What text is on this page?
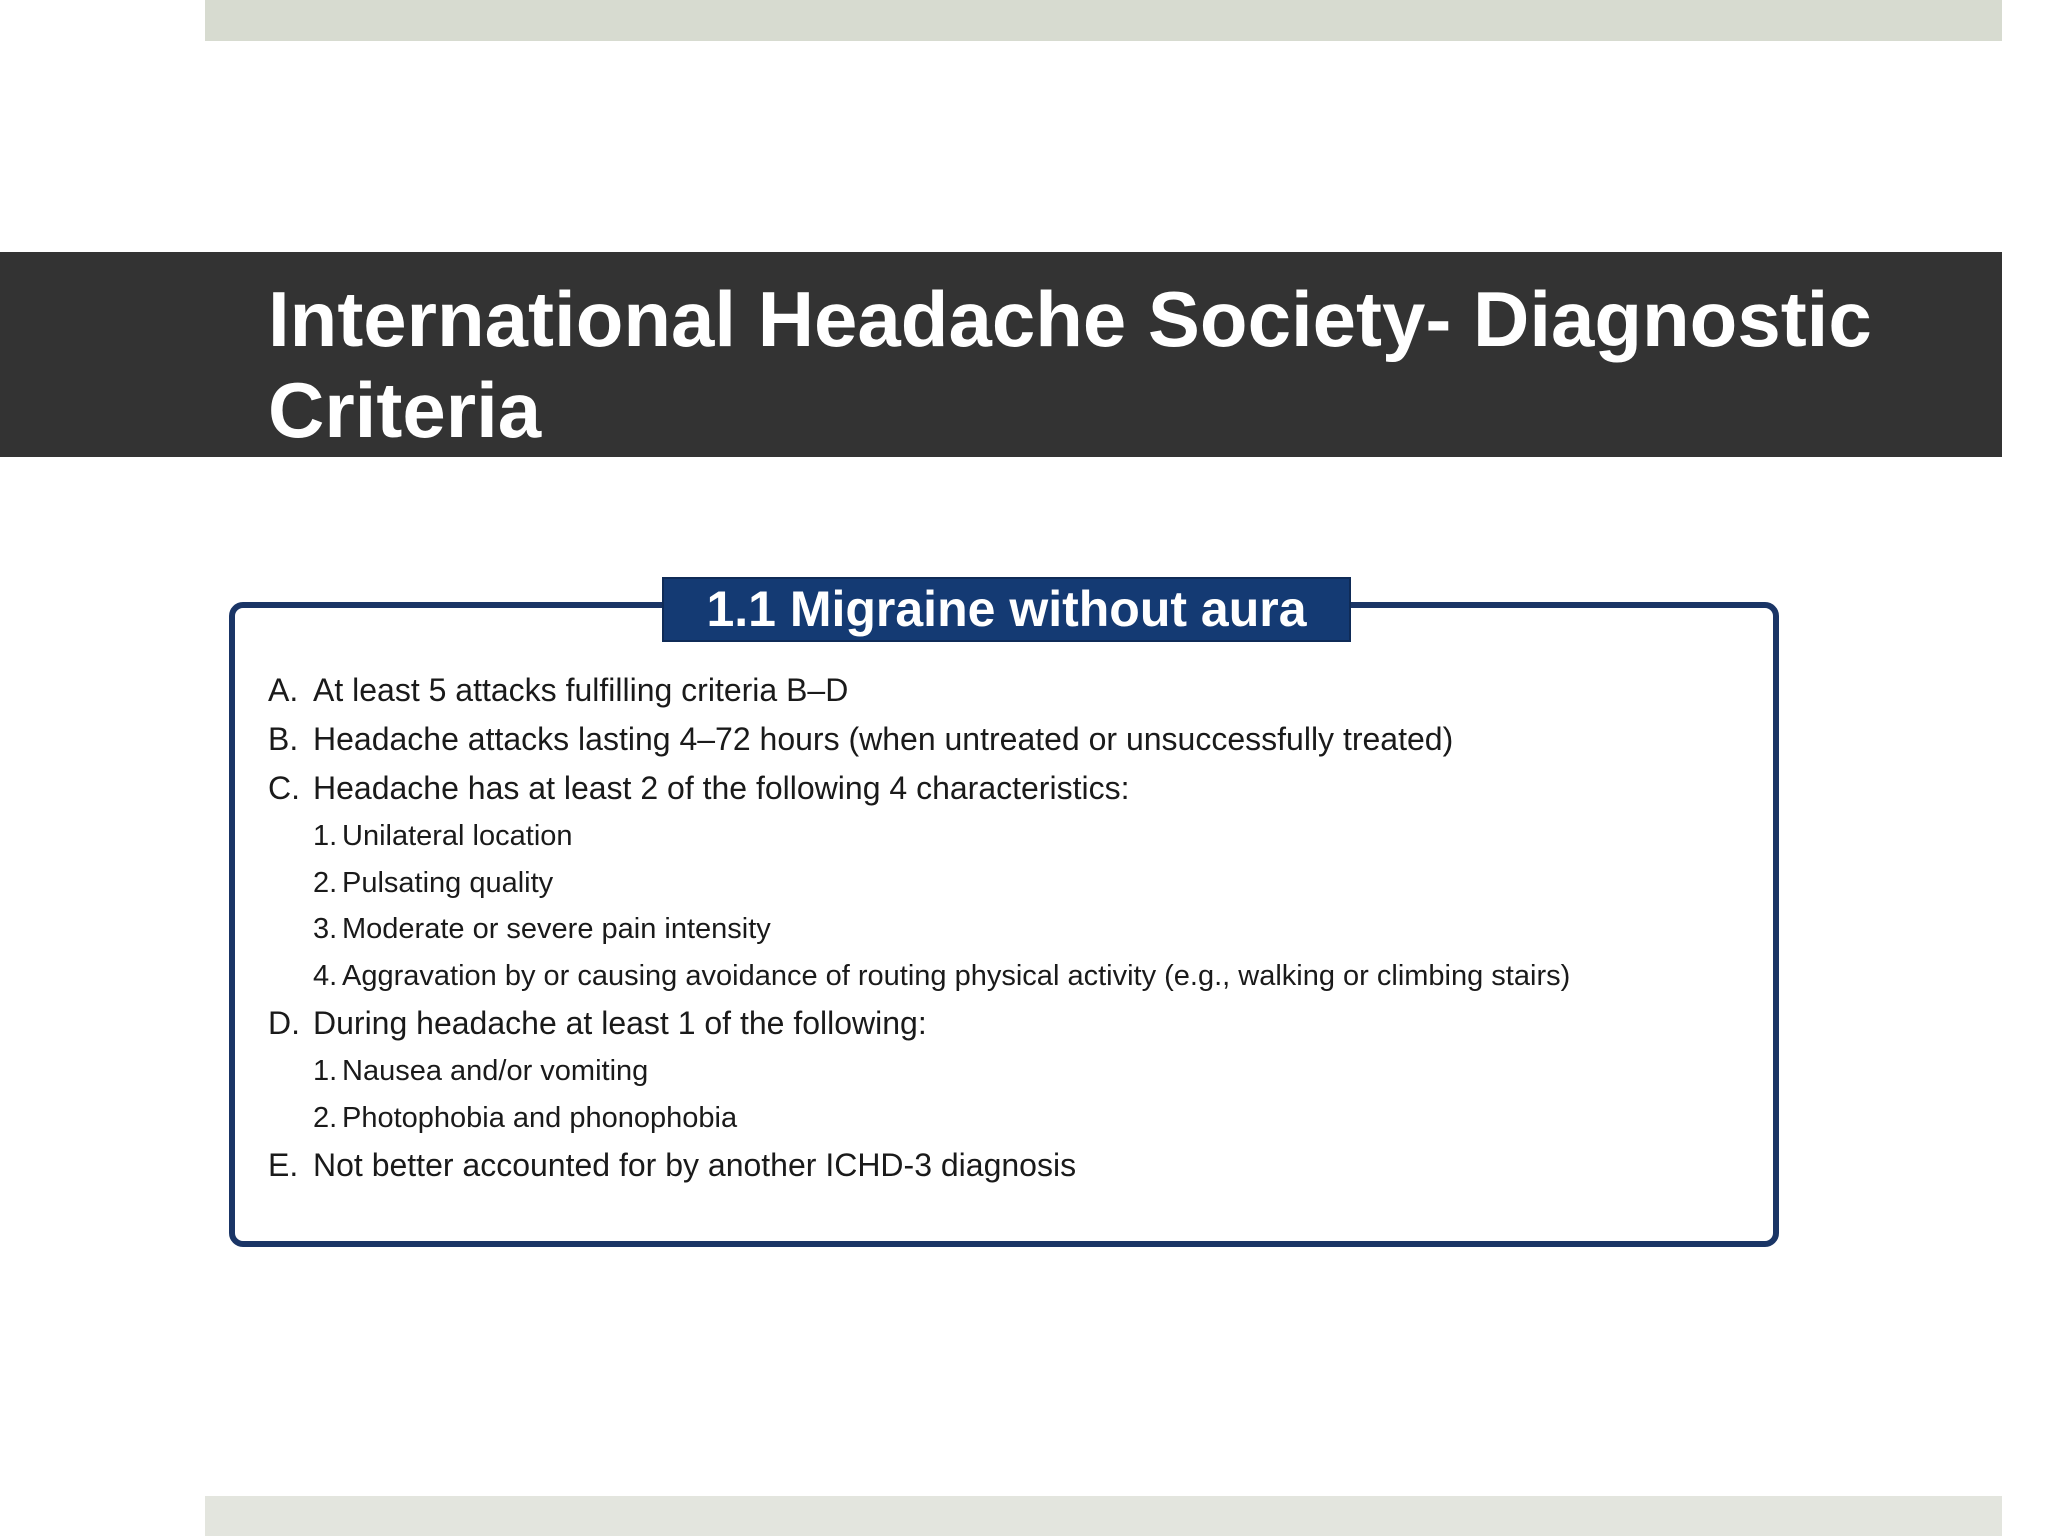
International Headache Society- Diagnostic Criteria
1.1 Migraine without aura
A. At least 5 attacks fulfilling criteria B–D
B. Headache attacks lasting 4–72 hours (when untreated or unsuccessfully treated)
C. Headache has at least 2 of the following 4 characteristics:
1. Unilateral location
2. Pulsating quality
3. Moderate or severe pain intensity
4. Aggravation by or causing avoidance of routing physical activity (e.g., walking or climbing stairs)
D. During headache at least 1 of the following:
1. Nausea and/or vomiting
2. Photophobia and phonophobia
E. Not better accounted for by another ICHD-3 diagnosis
